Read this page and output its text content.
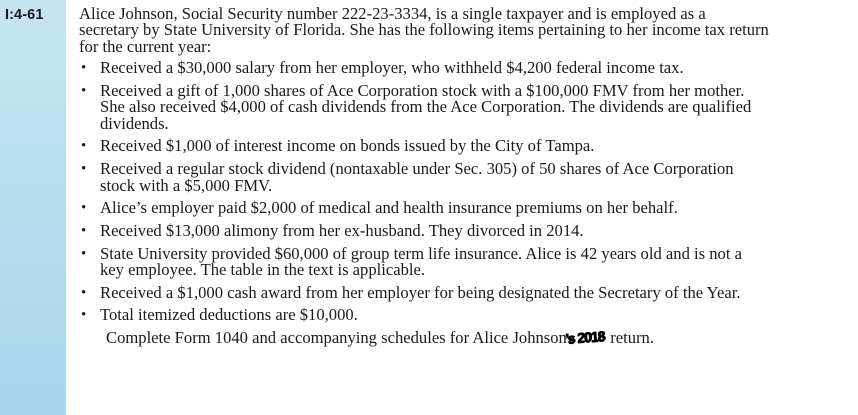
I:4-61 Alice Johnson, Social Security number 222-23-3334, is a single taxpayer and is employed as a secretary by State University of Florida. She has the following items pertaining to her income tax return for the current year:

• Received a $30,000 salary from her employer, who withheld $4,200 federal income tax.
• Received a gift of 1,000 shares of Ace Corporation stock with a $100,000 FMV from her mother. She also received $4,000 of cash dividends from the Ace Corporation. The dividends are qualified dividends.
• Received $1,000 of interest income on bonds issued by the City of Tampa.
• Received a regular stock dividend (nontaxable under Sec. 305) of 50 shares of Ace Corporation stock with a $5,000 FMV.
• Alice’s employer paid $2,000 of medical and health insurance premiums on her behalf.
• Received $13,000 alimony from her ex-husband. They divorced in 2014.
• State University provided $60,000 of group term life insurance. Alice is 42 years old and is not a key employee. The table in the text is applicable.
• Received a $1,000 cash award from her employer for being designated the Secretary of the Year.
• Total itemized deductions are $10,000.

Complete Form 1040 and accompanying schedules for Alice Johnson’s 2018 return.
